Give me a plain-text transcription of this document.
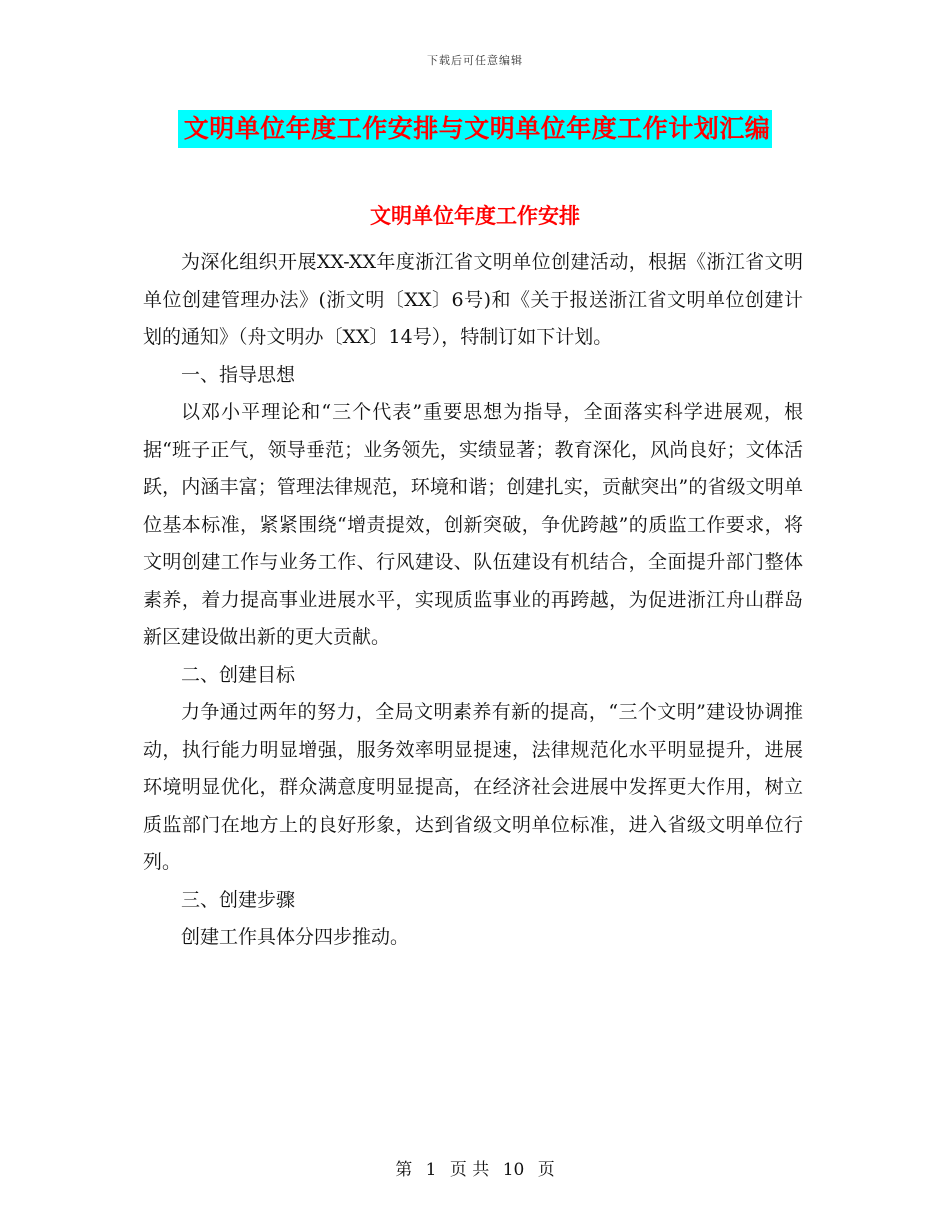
下载后可任意编辑
文明单位年度工作安排与文明单位年度工作计划汇编
文明单位年度工作安排

为深化组织开展XX-XX年度浙江省文明单位创建活动，根据《浙江省文明单位创建管理办法》(浙文明〔XX〕6号)和《关于报送浙江省文明单位创建计划的通知》（舟文明办〔XX〕14号），特制订如下计划。

一、指导思想

以邓小平理论和“三个代表”重要思想为指导，全面落实科学进展观，根据“班子正气，领导垂范；业务领先，实绩显著；教育深化，风尚良好；文体活跃，内涵丰富；管理法律规范，环境和谐；创建扎实，贡献突出”的省级文明单位基本标准，紧紧围绕“增责提效，创新突破，争优跨越”的质监工作要求，将文明创建工作与业务工作、行风建设、队伍建设有机结合，全面提升部门整体素养，着力提高事业进展水平，实现质监事业的再跨越，为促进浙江舟山群岛新区建设做出新的更大贡献。

二、创建目标

力争通过两年的努力，全局文明素养有新的提高，“三个文明”建设协调推动，执行能力明显增强，服务效率明显提速，法律规范化水平明显提升，进展环境明显优化，群众满意度明显提高，在经济社会进展中发挥更大作用，树立质监部门在地方上的良好形象，达到省级文明单位标准，进入省级文明单位行列。

三、创建步骤

创建工作具体分四步推动。

第 1 页 共 10 页
